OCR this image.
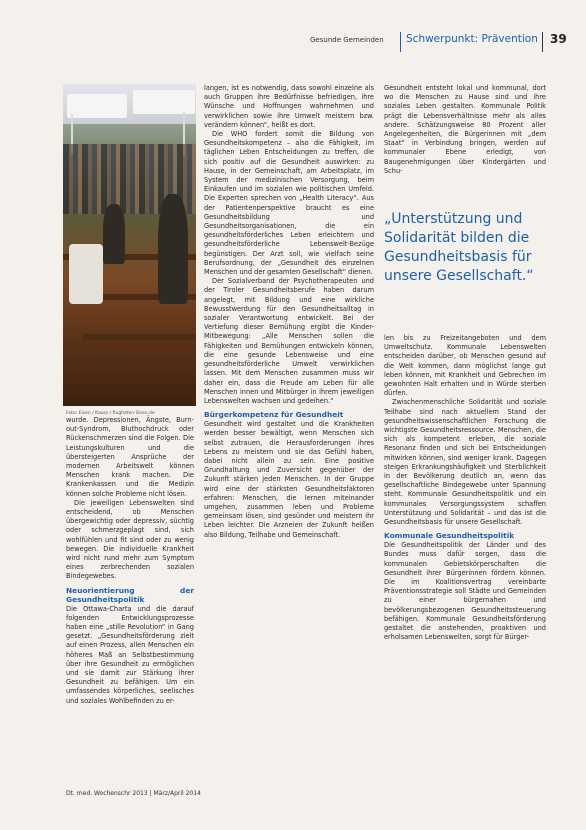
Gesunde Gemeinden Schwerpunkt: Prävention 39
Foto: Eisen / Kauss / flughafen-lösen.de

wurde. Depressionen, Ängste, Burn-out-Syndrom, Bluthochdruck oder Rückenschmerzen sind die Folgen. Die Leistungskulturen und die übersteigerten Ansprüche der modernen Arbeitswelt können Menschen krank machen. Die Krankenkassen und die Medizin können solche Probleme nicht lösen.

Die jeweiligen Lebenswelten sind entscheidend, ob Menschen übergewichtig oder depressiv, süchtig oder schmerzgeplagt sind, sich wohlfühlen und fit sind oder zu wenig bewegen. Die individuelle Krankheit wird nicht rund mehr zum Symptom eines zerbrechenden sozialen Bindegewebes.

Neuorientierung der Gesundheitspolitik

Die Ottawa-Charta und die darauf folgenden Entwicklungsprozesse haben eine „stille Revolution“ in Gang gesetzt. „Gesundheitsförderung zielt auf einen Prozess, allen Menschen ein höheres Maß an Selbstbestimmung über ihre Gesundheit zu ermöglichen und sie damit zur Stärkung ihrer Gesundheit zu befähigen. Um ein umfassendes körperliches, seelisches und soziales Wohlbefinden zu er-

langen, ist es notwendig, dass sowohl einzelne als auch Gruppen ihre Bedürfnisse befriedigen, ihre Wünsche und Hoffnungen wahrnehmen und verwirklichen sowie ihre Umwelt meistern bzw. verändern können“, heißt es dort.

Die WHO fordert somit die Bildung von Gesundheitskompetenz – also die Fähigkeit, im täglichen Leben Entscheidungen zu treffen, die sich positiv auf die Gesundheit auswirken: zu Hause, in der Gemeinschaft, am Arbeitsplatz, im System der medizinischen Versorgung, beim Einkaufen und im sozialen wie politischen Umfeld. Die Experten sprechen von „Health Literacy“. Aus der Patientenperspektive braucht es eine Gesundheitsbildung und Gesundheitsorganisationen, die ein gesundheitsförderliches Leben erleichtern und gesundheitsförderliche Lebenswelt-Bezüge begünstigen. Der Arzt soll, wie vielfach seine Berufsordnung, der „Gesundheit des einzelnen Menschen und der gesamten Gesellschaft“ dienen.

Der Sozialverband der Psychotherapeuten und der Tiroler Gesundheitsberufe haben darum angelegt, mit Bildung und eine wirkliche Bewusstwerdung für den Gesundheitsalltag in sozialer Verantwortung entwickelt. Bei der Vertiefung dieser Bemühung ergibt die Kinder-Mitbewegung: „Alle Menschen sollen die Fähigkeiten und Bemühungen entwickeln können, die eine gesunde Lebensweise und eine gesundheitsförderliche Umwelt verwirklichen lassen. Mit dem Menschen zusammen muss wir daher ein, dass die Freude am Leben für alle Menschen innen und Mitbürger in ihrem jeweiligen Lebenswelten wachsen und gedeihen.“

Bürgerkompetenz für Gesundheit

Gesundheit wird gestaltet und die Krankheiten werden besser bewältigt, wenn Menschen sich selbst zutrauen, die Herausforderungen ihres Lebens zu meistern und sie das Gefühl haben, dabei nicht allein zu sein. Eine positive Grundhaltung und Zuversicht gegenüber der Zukunft stärken jeden Menschen. In der Gruppe wird eine der stärksten Gesundheitsfaktoren erfahren: Menschen, die lernen miteinander umgehen, zusammen leben und Probleme gemeinsam lösen, sind gesünder und meistern ihr Leben leichter. Die Arzneien der Zukunft heißen also Bildung, Teilhabe und Gemeinschaft.

Gesundheit entsteht lokal und kommunal, dort wo die Menschen zu Hause sind und ihre soziales Leben gestalten. Kommunale Politik prägt die Lebensverhältnisse mehr als alles andere. Schätzungsweise 80 Prozent aller Angelegenheiten, die Bürgerinnen mit „dem Staat“ in Verbindung bringen, werden auf kommunaler Ebene erledigt, von Baugenehmigungen über Kindergärten und Schu-

„Unterstützung und Solidarität bilden die Gesundheitsbasis für unsere Gesellschaft.“

len bis zu Freizeitangeboten und dem Umweltschutz. Kommunale Lebenswelten entscheiden darüber, ob Menschen gesund auf die Welt kommen, dann möglichst lange gut leben können, mit Krankheit und Gebrechen im gewohnten Halt erhalten und in Würde sterben dürfen.

Zwischenmenschliche Solidarität und soziale Teilhabe sind nach aktuellem Stand der gesundheitswissenschaftlichen Forschung die wichtigste Gesundheitsressource. Menschen, die sich als kompetent erleben, die soziale Resonanz finden und sich bei Entscheidungen mitwirken können, sind weniger krank. Dagegen steigen Erkrankungshäufigkeit und Sterblichkeit in der Bevölkerung deutlich an, wenn das gesellschaftliche Bindegewebe unter Spannung steht. Kommunale Gesundheitspolitik und ein kommunales Versorgungssystem schaffen Unterstützung und Solidarität – und das ist die Gesundheitsbasis für unsere Gesellschaft.

Kommunale Gesundheitspolitik

Die Gesundheitspolitik der Länder und des Bundes muss dafür sorgen, dass die kommunalen Gebietskörperschaften die Gesundheit ihrer Bürgerinnen fördern können. Die im Koalitionsvertrag vereinbarte Präventionsstrategie soll Städte und Gemeinden zu einer bürgernahen und bevölkerungsbezogenen Gesundheitssteuerung befähigen. Kommunale Gesundheitsförderung gestaltet die anstehenden, proaktiven und erholsamen Lebenswelten, sorgt für Bürger-

Dt. med. Wochenschr 2013 | März/April 2014
